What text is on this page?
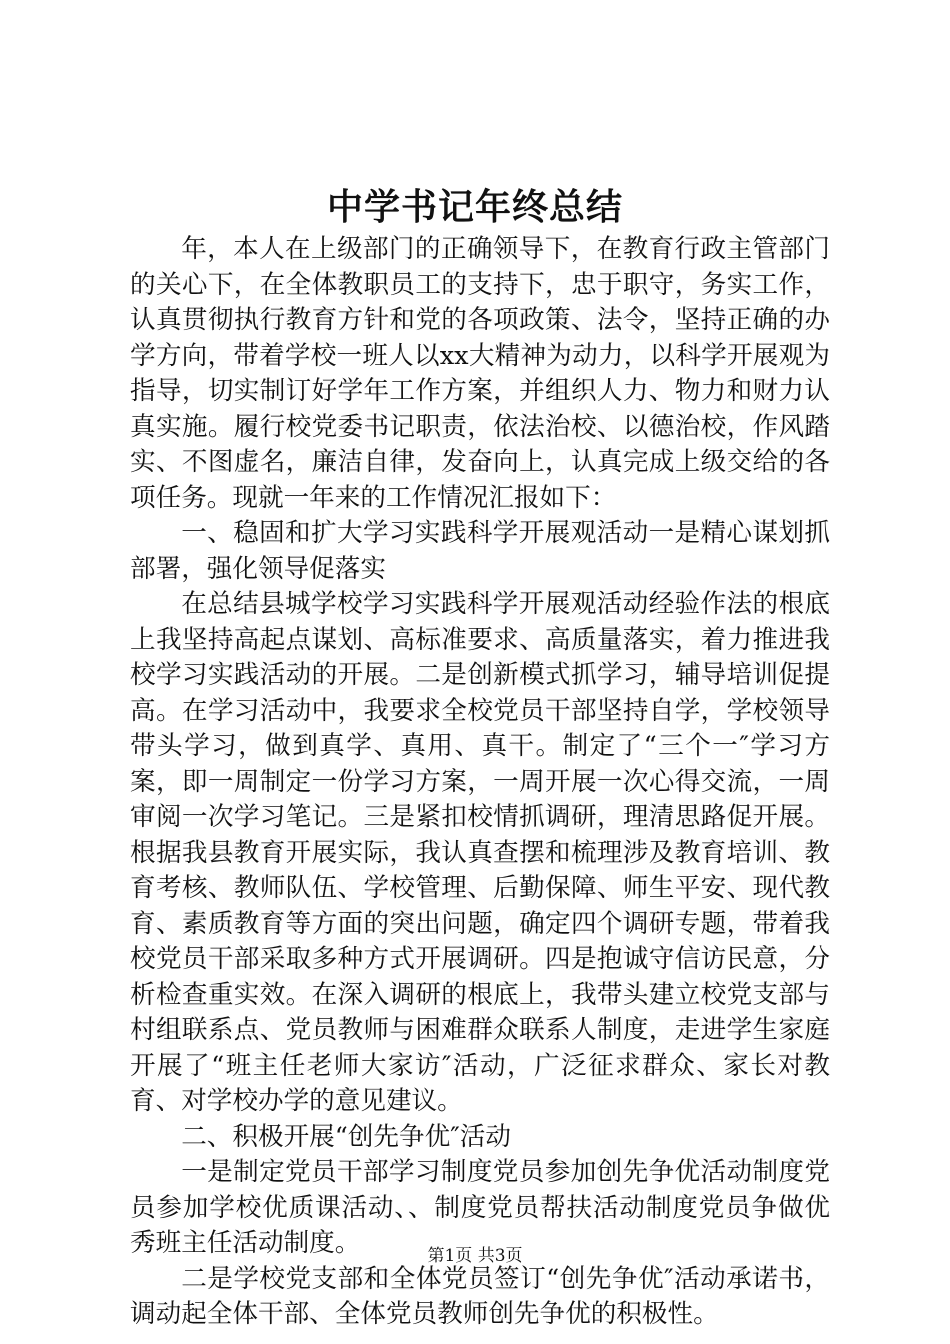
中学书记年终总结

年，本人在上级部门的正确领导下，在教育行政主管部门的关心下，在全体教职员工的支持下，忠于职守，务实工作，认真贯彻执行教育方针和党的各项政策、法令，坚持正确的办学方向，带着学校一班人以xx大精神为动力，以科学开展观为指导，切实制订好学年工作方案，并组织人力、物力和财力认真实施。履行校党委书记职责，依法治校、以德治校，作风踏实、不图虚名，廉洁自律，发奋向上，认真完成上级交给的各项任务。现就一年来的工作情况汇报如下：

一、稳固和扩大学习实践科学开展观活动一是精心谋划抓部署，强化领导促落实

在总结县城学校学习实践科学开展观活动经验作法的根底上我坚持高起点谋划、高标准要求、高质量落实，着力推进我校学习实践活动的开展。二是创新模式抓学习，辅导培训促提高。在学习活动中，我要求全校党员干部坚持自学，学校领导带头学习，做到真学、真用、真干。制定了“三个一″学习方案，即一周制定一份学习方案，一周开展一次心得交流，一周审阅一次学习笔记。三是紧扣校情抓调研，理清思路促开展。根据我县教育开展实际，我认真查摆和梳理涉及教育培训、教育考核、教师队伍、学校管理、后勤保障、师生平安、现代教育、素质教育等方面的突出问题，确定四个调研专题，带着我校党员干部采取多种方式开展调研。四是抱诚守信访民意，分析检查重实效。在深入调研的根底上，我带头建立校党支部与村组联系点、党员教师与困难群众联系人制度，走进学生家庭开展了“班主任老师大家访″活动，广泛征求群众、家长对教育、对学校办学的意见建议。

二、积极开展“创先争优″活动

一是制定党员干部学习制度党员参加创先争优活动制度党员参加学校优质课活动、、制度党员帮扶活动制度党员争做优秀班主任活动制度。

二是学校党支部和全体党员签订“创先争优″活动承诺书，调动起全体干部、全体党员教师创先争优的积极性。

第1页 共3页
